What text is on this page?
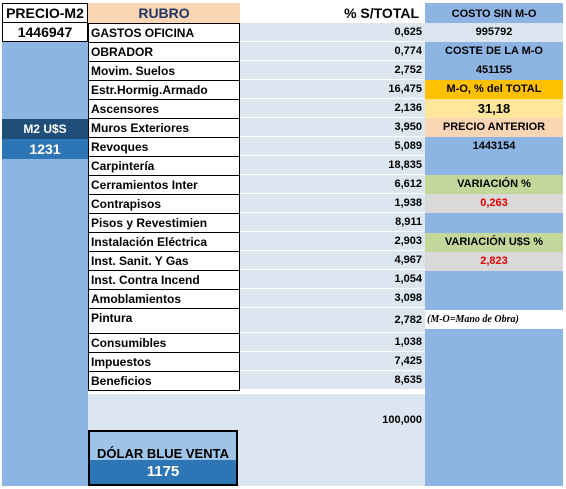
PRECIO-M2
1446947
M2 U$S
1231
RUBRO	% S/TOTAL
GASTOS OFICINA	0,625
OBRADOR	0,774
Movim. Suelos	2,752
Estr.Hormig.Armado	16,475
Ascensores	2,136
Muros Exteriores	3,950
Revoques	5,089
Carpintería	18,835
Cerramientos Inter	6,612
Contrapisos	1,938
Pisos y Revestimien	8,911
Instalación Eléctrica	2,903
Inst. Sanit. Y Gas	4,967
Inst. Contra Incend	1,054
Amoblamientos	3,098
Pintura	2,782
Consumibles	1,038
Impuestos	7,425
Beneficios	8,635
100,000
DÓLAR BLUE VENTA
1175
COSTO SIN M-O
995792
COSTE DE LA M-O
451155
M-O, % del TOTAL
31,18
PRECIO ANTERIOR
1443154
VARIACIÓN %
0,263
VARIACIÓN U$S %
2,823
(M-O=Mano de Obra)
